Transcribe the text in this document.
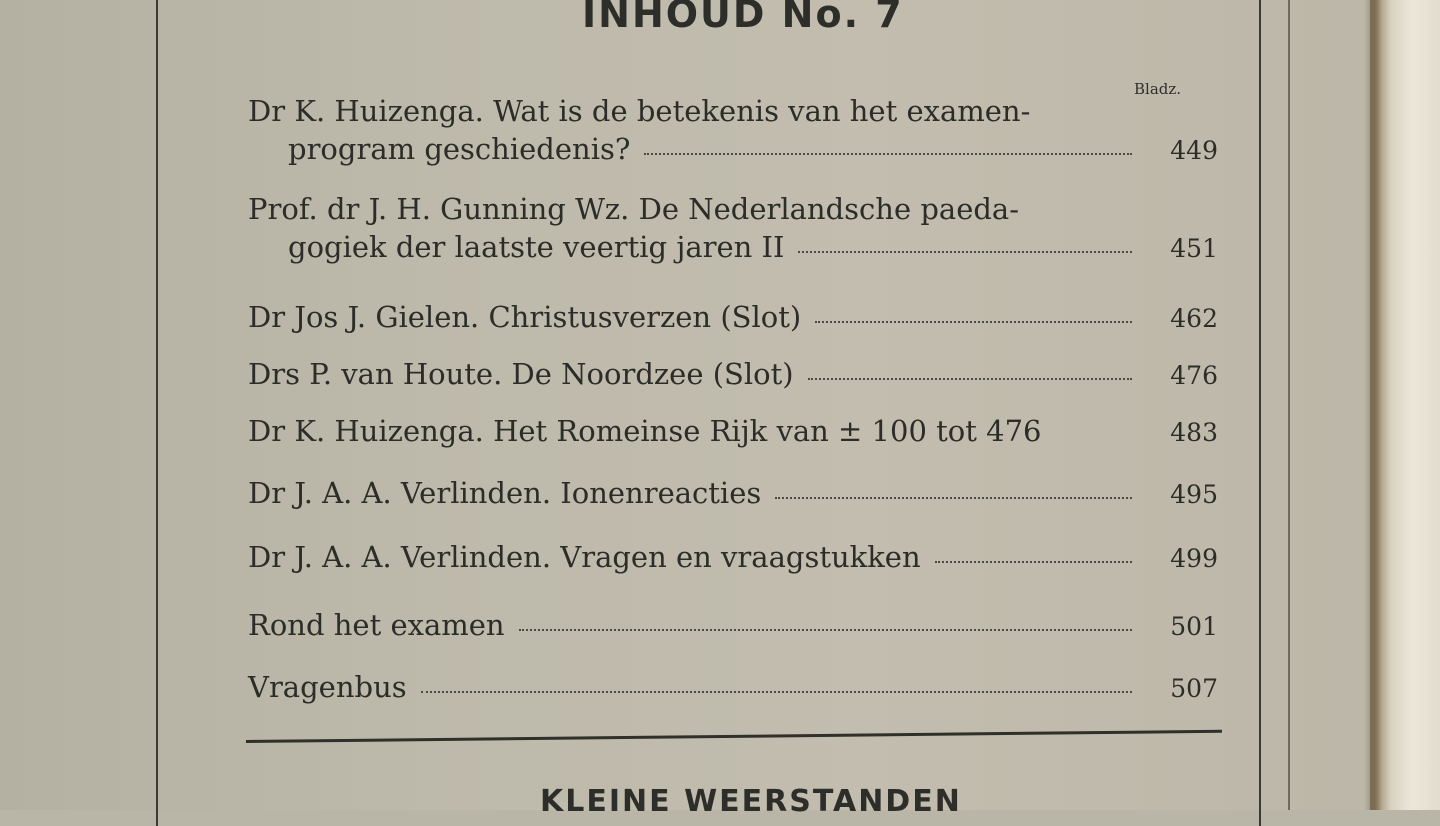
INHOUD No. 7
Bladz.
Dr K. Huizenga. Wat is de betekenis van het examen-
program geschiedenis?	449
Prof. dr J. H. Gunning Wz. De Nederlandsche paeda-
gogiek der laatste veertig jaren II	451
Dr Jos J. Gielen. Christusverzen (Slot)	462
Drs P. van Houte. De Noordzee (Slot)	476
Dr K. Huizenga. Het Romeinse Rijk van ± 100 tot 476	483
Dr J. A. A. Verlinden. Ionenreacties	495
Dr J. A. A. Verlinden. Vragen en vraagstukken	499
Rond het examen	501
Vragenbus	507
KLEINE WEERSTANDEN
